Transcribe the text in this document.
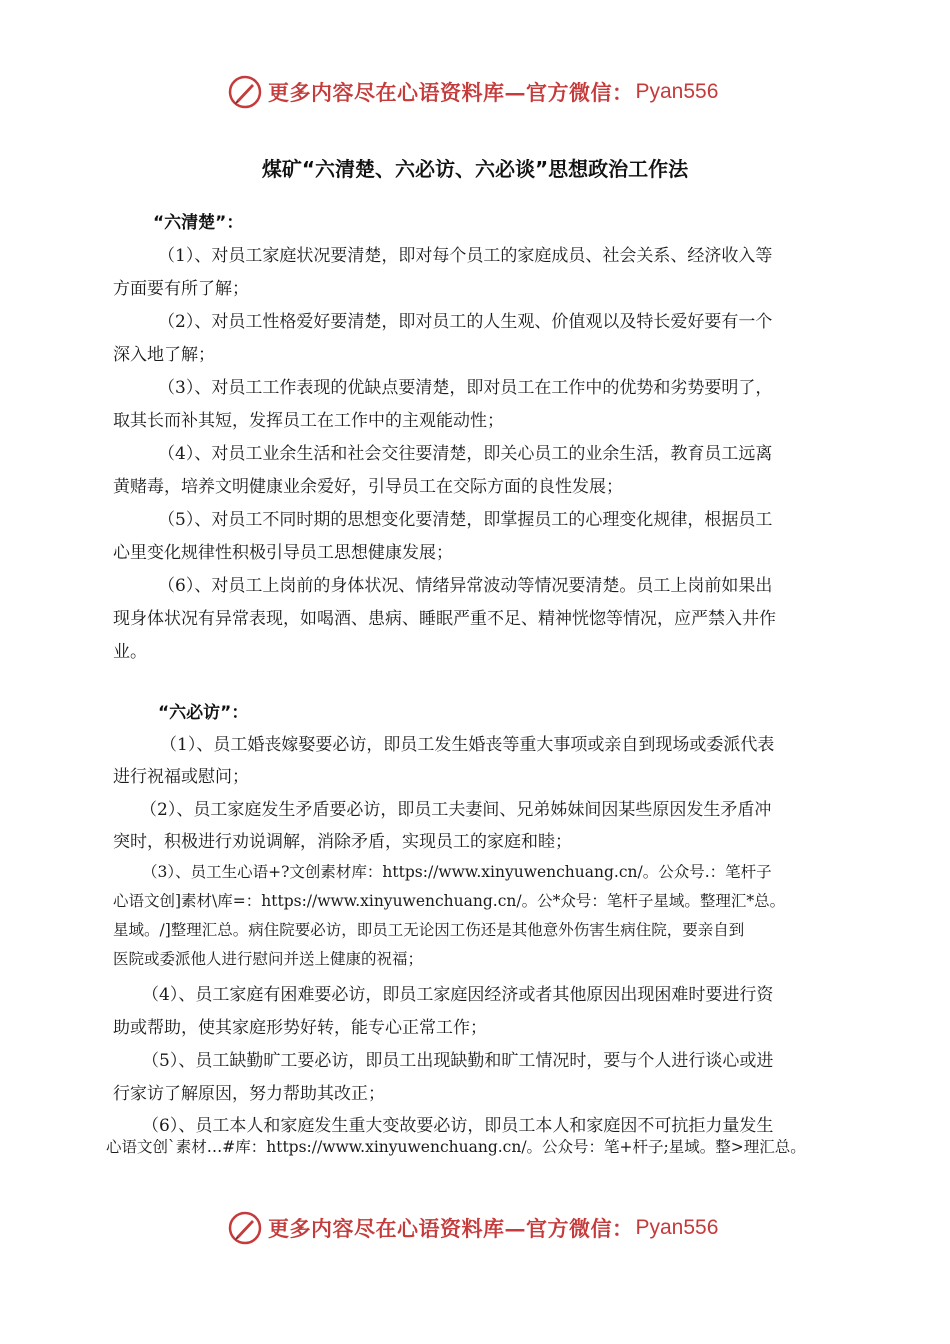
更多内容尽在心语资料库—官方微信： Pyan556
煤矿“六清楚、六必访、六必谈”思想政治工作法
“六清楚”：
（1）、对员工家庭状况要清楚，即对每个员工的家庭成员、社会关系、经济收入等
方面要有所了解；
（2）、对员工性格爱好要清楚，即对员工的人生观、价值观以及特长爱好要有一个
深入地了解；
（3）、对员工工作表现的优缺点要清楚，即对员工在工作中的优势和劣势要明了，
取其长而补其短，发挥员工在工作中的主观能动性；
（4）、对员工业余生活和社会交往要清楚，即关心员工的业余生活，教育员工远离
黄赌毒，培养文明健康业余爱好，引导员工在交际方面的良性发展；
（5）、对员工不同时期的思想变化要清楚，即掌握员工的心理变化规律，根据员工
心里变化规律性积极引导员工思想健康发展；
（6）、对员工上岗前的身体状况、情绪异常波动等情况要清楚。员工上岗前如果出
现身体状况有异常表现，如喝酒、患病、睡眠严重不足、精神恍惚等情况，应严禁入井作
业。
“六必访”：
（1）、员工婚丧嫁娶要必访，即员工发生婚丧等重大事项或亲自到现场或委派代表
进行祝福或慰问；
（2）、员工家庭发生矛盾要必访，即员工夫妻间、兄弟姊妹间因某些原因发生矛盾冲
突时，积极进行劝说调解，消除矛盾，实现员工的家庭和睦；
（3）、员工生心语+?文创素材库：https://www.xinyuwenchuang.cn/。公众号.：笔杆子
心语文创]素材\库=：https://www.xinyuwenchuang.cn/。公*众号：笔杆子星域。整理汇*总。
星域。/]整理汇总。病住院要必访，即员工无论因工伤还是其他意外伤害生病住院，要亲自到
医院或委派他人进行慰问并送上健康的祝福；
（4）、员工家庭有困难要必访，即员工家庭因经济或者其他原因出现困难时要进行资
助或帮助，使其家庭形势好转，能专心正常工作；
（5）、员工缺勤旷工要必访，即员工出现缺勤和旷工情况时，要与个人进行谈心或进
行家访了解原因，努力帮助其改正；
（6）、员工本人和家庭发生重大变故要必访，即员工本人和家庭因不可抗拒力量发生
心语文创`素材…#库：https://www.xinyuwenchuang.cn/。公众号：笔+杆子;星域。整>理汇总。
更多内容尽在心语资料库—官方微信： Pyan556
